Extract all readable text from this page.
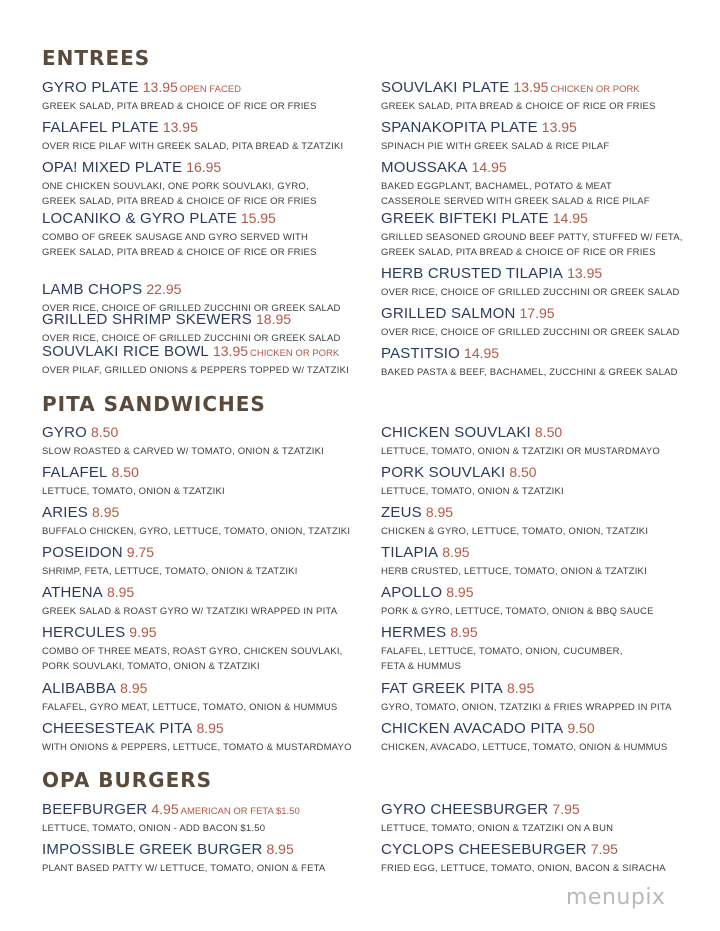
ENTREES
GYRO PLATE 13.95 OPEN FACED
GREEK SALAD, PITA BREAD & CHOICE OF RICE OR FRIES
FALAFEL PLATE 13.95
OVER RICE PILAF WITH GREEK SALAD, PITA BREAD & TZATZIKI
OPA! MIXED PLATE 16.95
ONE CHICKEN SOUVLAKI, ONE PORK SOUVLAKI, GYRO,
GREEK SALAD, PITA BREAD & CHOICE OF RICE OR FRIES
LOCANIKO & GYRO PLATE 15.95
COMBO OF GREEK SAUSAGE AND GYRO SERVED WITH
GREEK SALAD, PITA BREAD & CHOICE OF RICE OR FRIES
LAMB CHOPS 22.95
OVER RICE, CHOICE OF GRILLED ZUCCHINI OR GREEK SALAD
GRILLED SHRIMP SKEWERS 18.95
OVER RICE, CHOICE OF GRILLED ZUCCHINI OR GREEK SALAD
SOUVLAKI RICE BOWL 13.95 CHICKEN OR PORK
OVER PILAF, GRILLED ONIONS & PEPPERS TOPPED W/ TZATZIKI
SOUVLAKI PLATE 13.95 CHICKEN OR PORK
GREEK SALAD, PITA BREAD & CHOICE OF RICE OR FRIES
SPANAKOPITA PLATE 13.95
SPINACH PIE WITH GREEK SALAD & RICE PILAF
MOUSSAKA 14.95
BAKED EGGPLANT, BACHAMEL, POTATO & MEAT
CASSEROLE SERVED WITH GREEK SALAD & RICE PILAF
GREEK BIFTEKI PLATE 14.95
GRILLED SEASONED GROUND BEEF PATTY, STUFFED W/ FETA,
GREEK SALAD, PITA BREAD & CHOICE OF RICE OR FRIES
HERB CRUSTED TILAPIA 13.95
OVER RICE, CHOICE OF GRILLED ZUCCHINI OR GREEK SALAD
GRILLED SALMON 17.95
OVER RICE, CHOICE OF GRILLED ZUCCHINI OR GREEK SALAD
PASTITSIO 14.95
BAKED PASTA & BEEF, BACHAMEL, ZUCCHINI & GREEK SALAD
PITA SANDWICHES
GYRO 8.50
SLOW ROASTED & CARVED W/ TOMATO, ONION & TZATZIKI
FALAFEL 8.50
LETTUCE, TOMATO, ONION & TZATZIKI
ARIES 8.95
BUFFALO CHICKEN, GYRO, LETTUCE, TOMATO, ONION, TZATZIKI
POSEIDON 9.75
SHRIMP, FETA, LETTUCE, TOMATO, ONION & TZATZIKI
ATHENA 8.95
GREEK SALAD & ROAST GYRO W/ TZATZIKI WRAPPED IN PITA
HERCULES 9.95
COMBO OF THREE MEATS, ROAST GYRO, CHICKEN SOUVLAKI,
PORK SOUVLAKI, TOMATO, ONION & TZATZIKI
ALIBABBA 8.95
FALAFEL, GYRO MEAT, LETTUCE, TOMATO, ONION & HUMMUS
CHEESESTEAK PITA 8.95
WITH ONIONS & PEPPERS, LETTUCE, TOMATO & MUSTARDMAYO
CHICKEN SOUVLAKI 8.50
LETTUCE, TOMATO, ONION & TZATZIKI OR MUSTARDMAYO
PORK SOUVLAKI 8.50
LETTUCE, TOMATO, ONION & TZATZIKI
ZEUS 8.95
CHICKEN & GYRO, LETTUCE, TOMATO, ONION, TZATZIKI
TILAPIA 8.95
HERB CRUSTED, LETTUCE, TOMATO, ONION & TZATZIKI
APOLLO 8.95
PORK & GYRO, LETTUCE, TOMATO, ONION & BBQ SAUCE
HERMES 8.95
FALAFEL, LETTUCE, TOMATO, ONION, CUCUMBER,
FETA & HUMMUS
FAT GREEK PITA 8.95
GYRO, TOMATO, ONION, TZATZIKI & FRIES WRAPPED IN PITA
CHICKEN AVACADO PITA 9.50
CHICKEN, AVACADO, LETTUCE, TOMATO, ONION & HUMMUS
OPA BURGERS
BEEFBURGER 4.95 AMERICAN OR FETA $1.50
LETTUCE, TOMATO, ONION - ADD BACON $1.50
IMPOSSIBLE GREEK BURGER 8.95
PLANT BASED PATTY W/ LETTUCE, TOMATO, ONION & FETA
GYRO CHEESBURGER 7.95
LETTUCE, TOMATO, ONION & TZATZIKI ON A BUN
CYCLOPS CHEESEBURGER 7.95
FRIED EGG, LETTUCE, TOMATO, ONION, BACON & SIRACHA
menupix
